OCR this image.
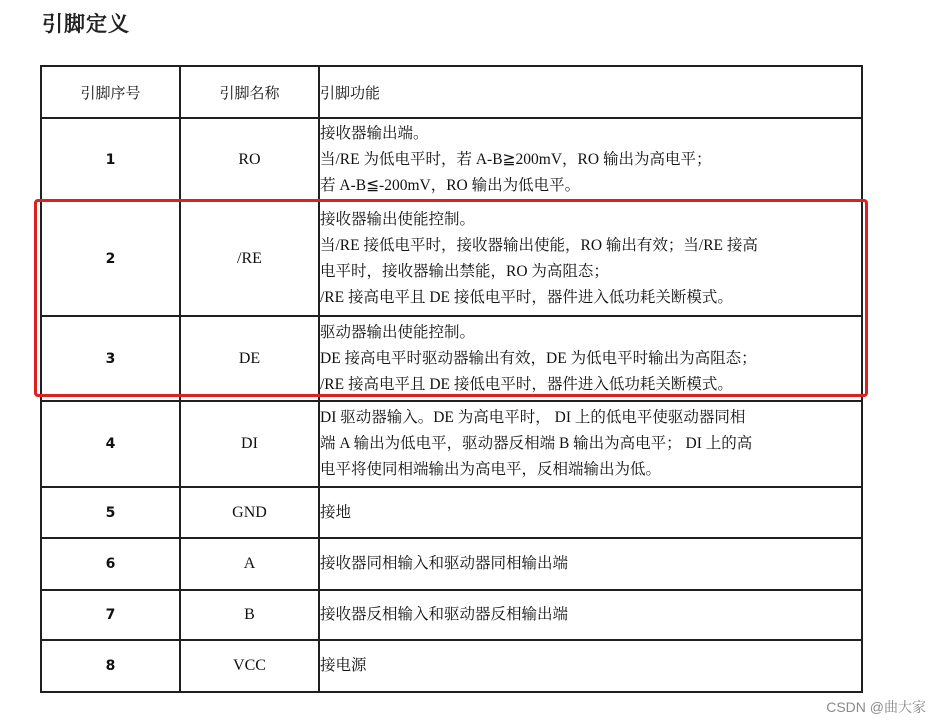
引脚定义
引脚序号	引脚名称	引脚功能
1	RO	接收器输出端。
当/RE 为低电平时，若 A-B≧200mV，RO 输出为高电平；
若 A-B≦-200mV，RO 输出为低电平。

2	/RE	接收器输出使能控制。
当/RE 接低电平时，接收器输出使能，RO 输出有效；当/RE 接高
电平时，接收器输出禁能，RO 为高阻态；
/RE 接高电平且 DE 接低电平时，器件进入低功耗关断模式。

3	DE	驱动器输出使能控制。
DE 接高电平时驱动器输出有效，DE 为低电平时输出为高阻态；
/RE 接高电平且 DE 接低电平时，器件进入低功耗关断模式。

4	DI	DI 驱动器输入。DE 为高电平时， DI 上的低电平使驱动器同相
端 A 输出为低电平，驱动器反相端 B 输出为高电平； DI 上的高
电平将使同相端输出为高电平，反相端输出为低。

5	GND	接地

6	A	接收器同相输入和驱动器同相输出端

7	B	接收器反相输入和驱动器反相输出端

8	VCC	接电源
CSDN @曲大家
